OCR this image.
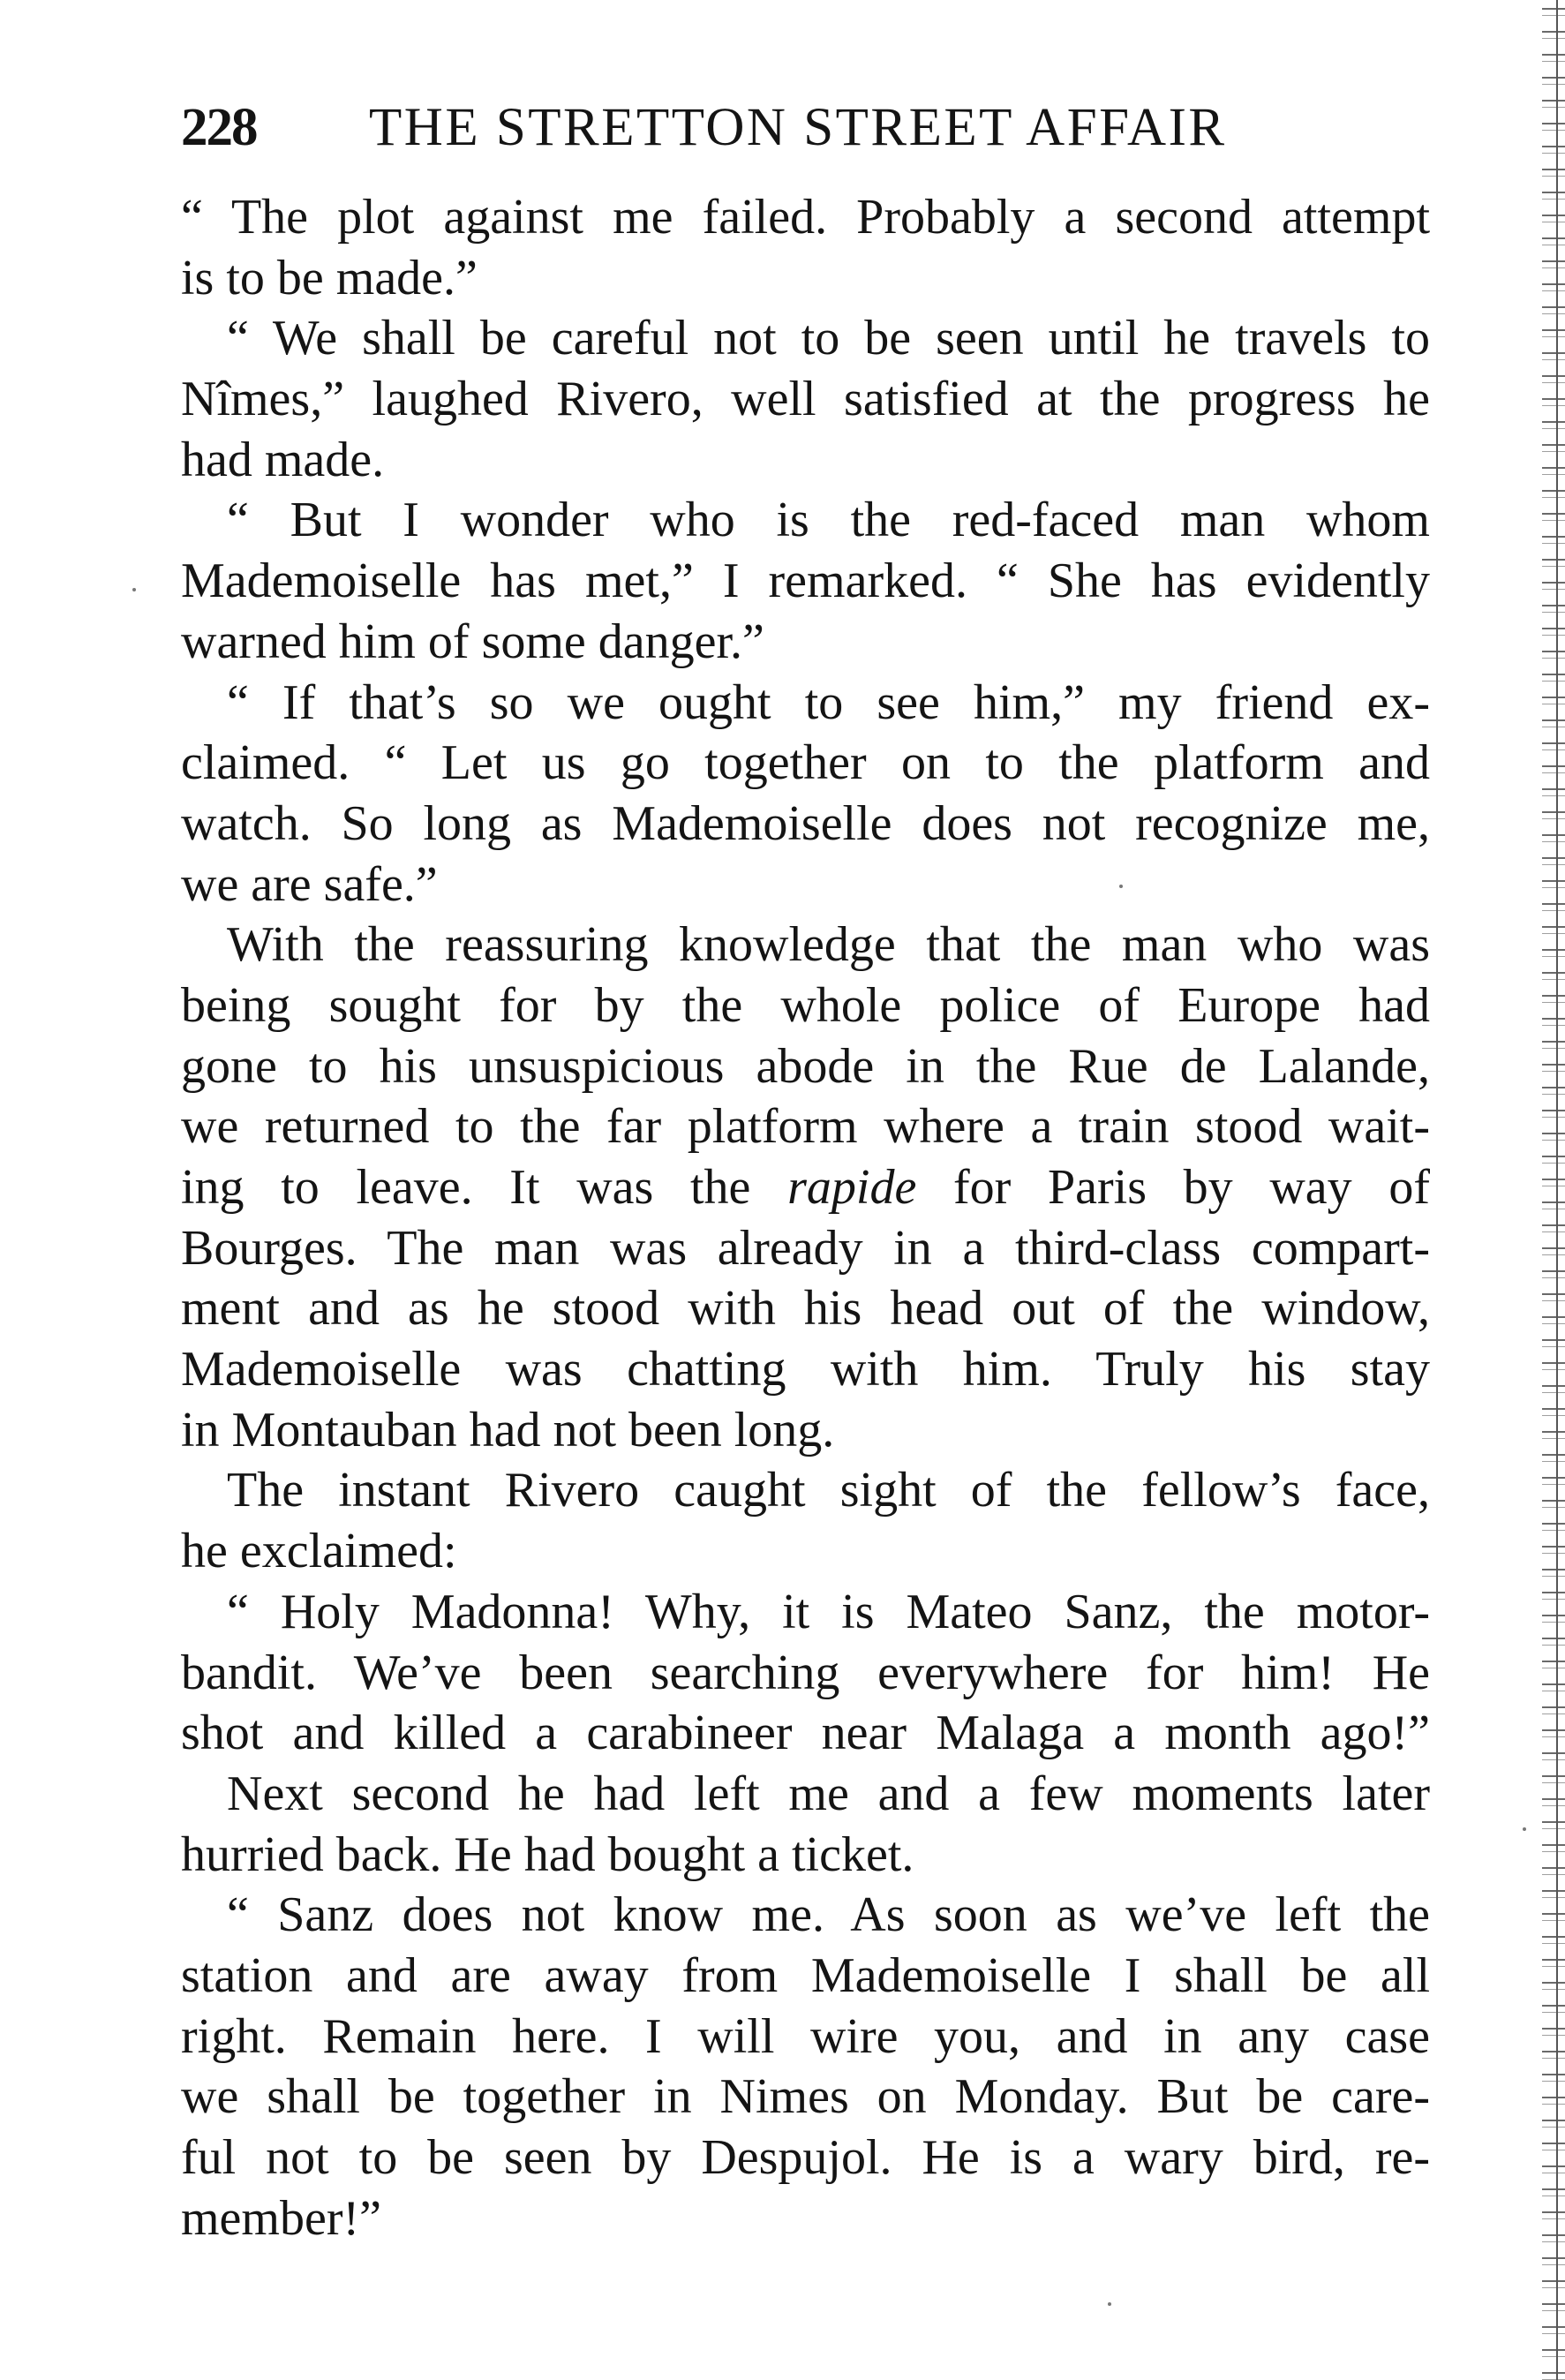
228 THE STRETTON STREET AFFAIR
“ The plot against me failed. Probably a second attempt
is to be made.”
“ We shall be careful not to be seen until he travels to
Nîmes,” laughed Rivero, well satisfied at the progress he
had made.
“ But I wonder who is the red-faced man whom
Mademoiselle has met,” I remarked. “ She has evidently
warned him of some danger.”
“ If that’s so we ought to see him,” my friend ex-
claimed. “ Let us go together on to the platform and
watch. So long as Mademoiselle does not recognize me,
we are safe.”
With the reassuring knowledge that the man who was
being sought for by the whole police of Europe had
gone to his unsuspicious abode in the Rue de Lalande,
we returned to the far platform where a train stood wait-
ing to leave. It was the rapide for Paris by way of
Bourges. The man was already in a third-class compart-
ment and as he stood with his head out of the window,
Mademoiselle was chatting with him. Truly his stay
in Montauban had not been long.
The instant Rivero caught sight of the fellow’s face,
he exclaimed:
“ Holy Madonna! Why, it is Mateo Sanz, the motor-
bandit. We’ve been searching everywhere for him! He
shot and killed a carabineer near Malaga a month ago!”
Next second he had left me and a few moments later
hurried back. He had bought a ticket.
“ Sanz does not know me. As soon as we’ve left the
station and are away from Mademoiselle I shall be all
right. Remain here. I will wire you, and in any case
we shall be together in Nimes on Monday. But be care-
ful not to be seen by Despujol. He is a wary bird, re-
member!”
